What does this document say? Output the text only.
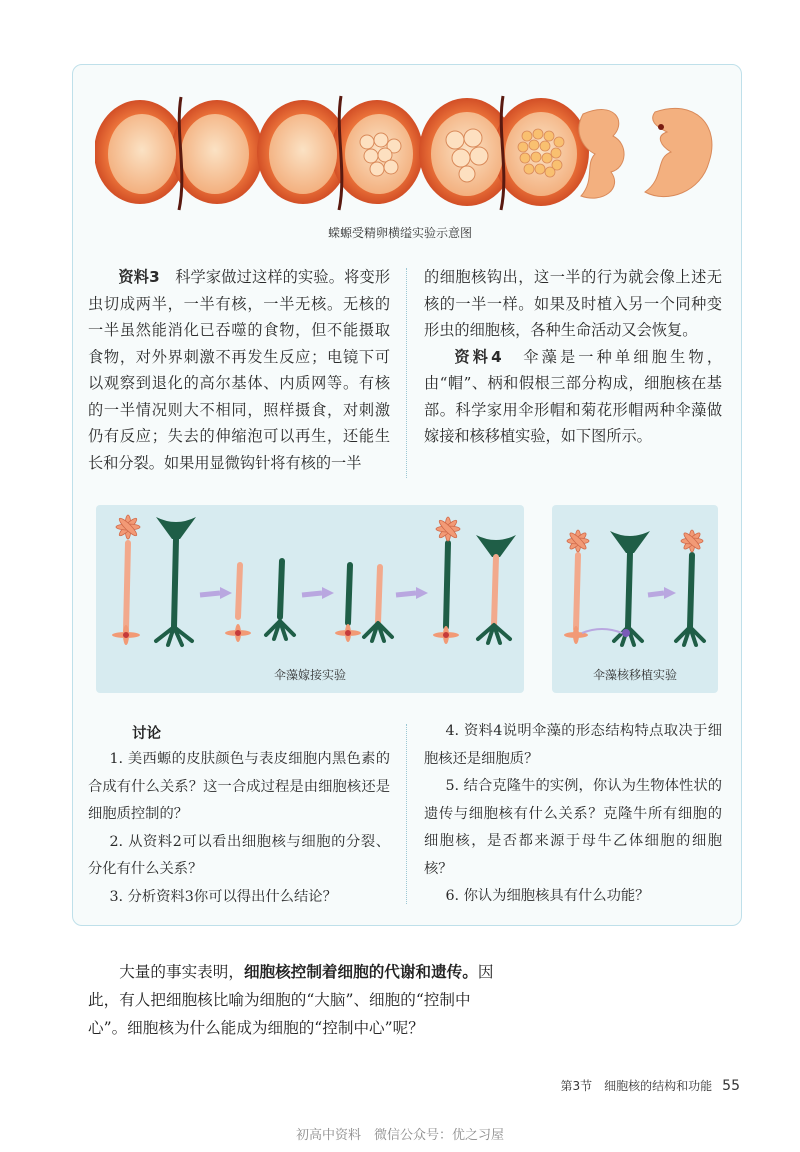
蝾螈受精卵横缢实验示意图

资料3　 科学家做过这样的实验。将变形虫切成两半，一半有核，一半无核。无核的一半虽然能消化已吞噬的食物，但不能摄取食物，对外界刺激不再发生反应；电镜下可以观察到退化的高尔基体、内质网等。有核的一半情况则大不相同，照样摄食，对刺激仍有反应；失去的伸缩泡可以再生，还能生长和分裂。如果用显微钩针将有核的一半

的细胞核钩出，这一半的行为就会像上述无核的一半一样。如果及时植入另一个同种变形虫的细胞核，各种生命活动又会恢复。

资料4　 伞藻是一种单细胞生物，由“帽”、柄和假根三部分构成，细胞核在基部。科学家用伞形帽和菊花形帽两种伞藻做嫁接和核移植实验，如下图所示。

伞藻嫁接实验	伞藻核移植实验
讨论

1. 美西螈的皮肤颜色与表皮细胞内黑色素的合成有什么关系？这一合成过程是由细胞核还是细胞质控制的？

2. 从资料2可以看出细胞核与细胞的分裂、分化有什么关系？

3. 分析资料3你可以得出什么结论？

4. 资料4说明伞藻的形态结构特点取决于细胞核还是细胞质？

5. 结合克隆牛的实例，你认为生物体性状的遗传与细胞核有什么关系？克隆牛所有细胞的细胞核，是否都来源于母牛乙体细胞的细胞核？

6. 你认为细胞核具有什么功能？

大量的事实表明，细胞核控制着细胞的代谢和遗传。因此，有人把细胞核比喻为细胞的“大脑”、细胞的“控制中心”。细胞核为什么能成为细胞的“控制中心”呢？

第3节　细胞核的结构和功能 55
初高中资料　微信公众号：优之习屋
